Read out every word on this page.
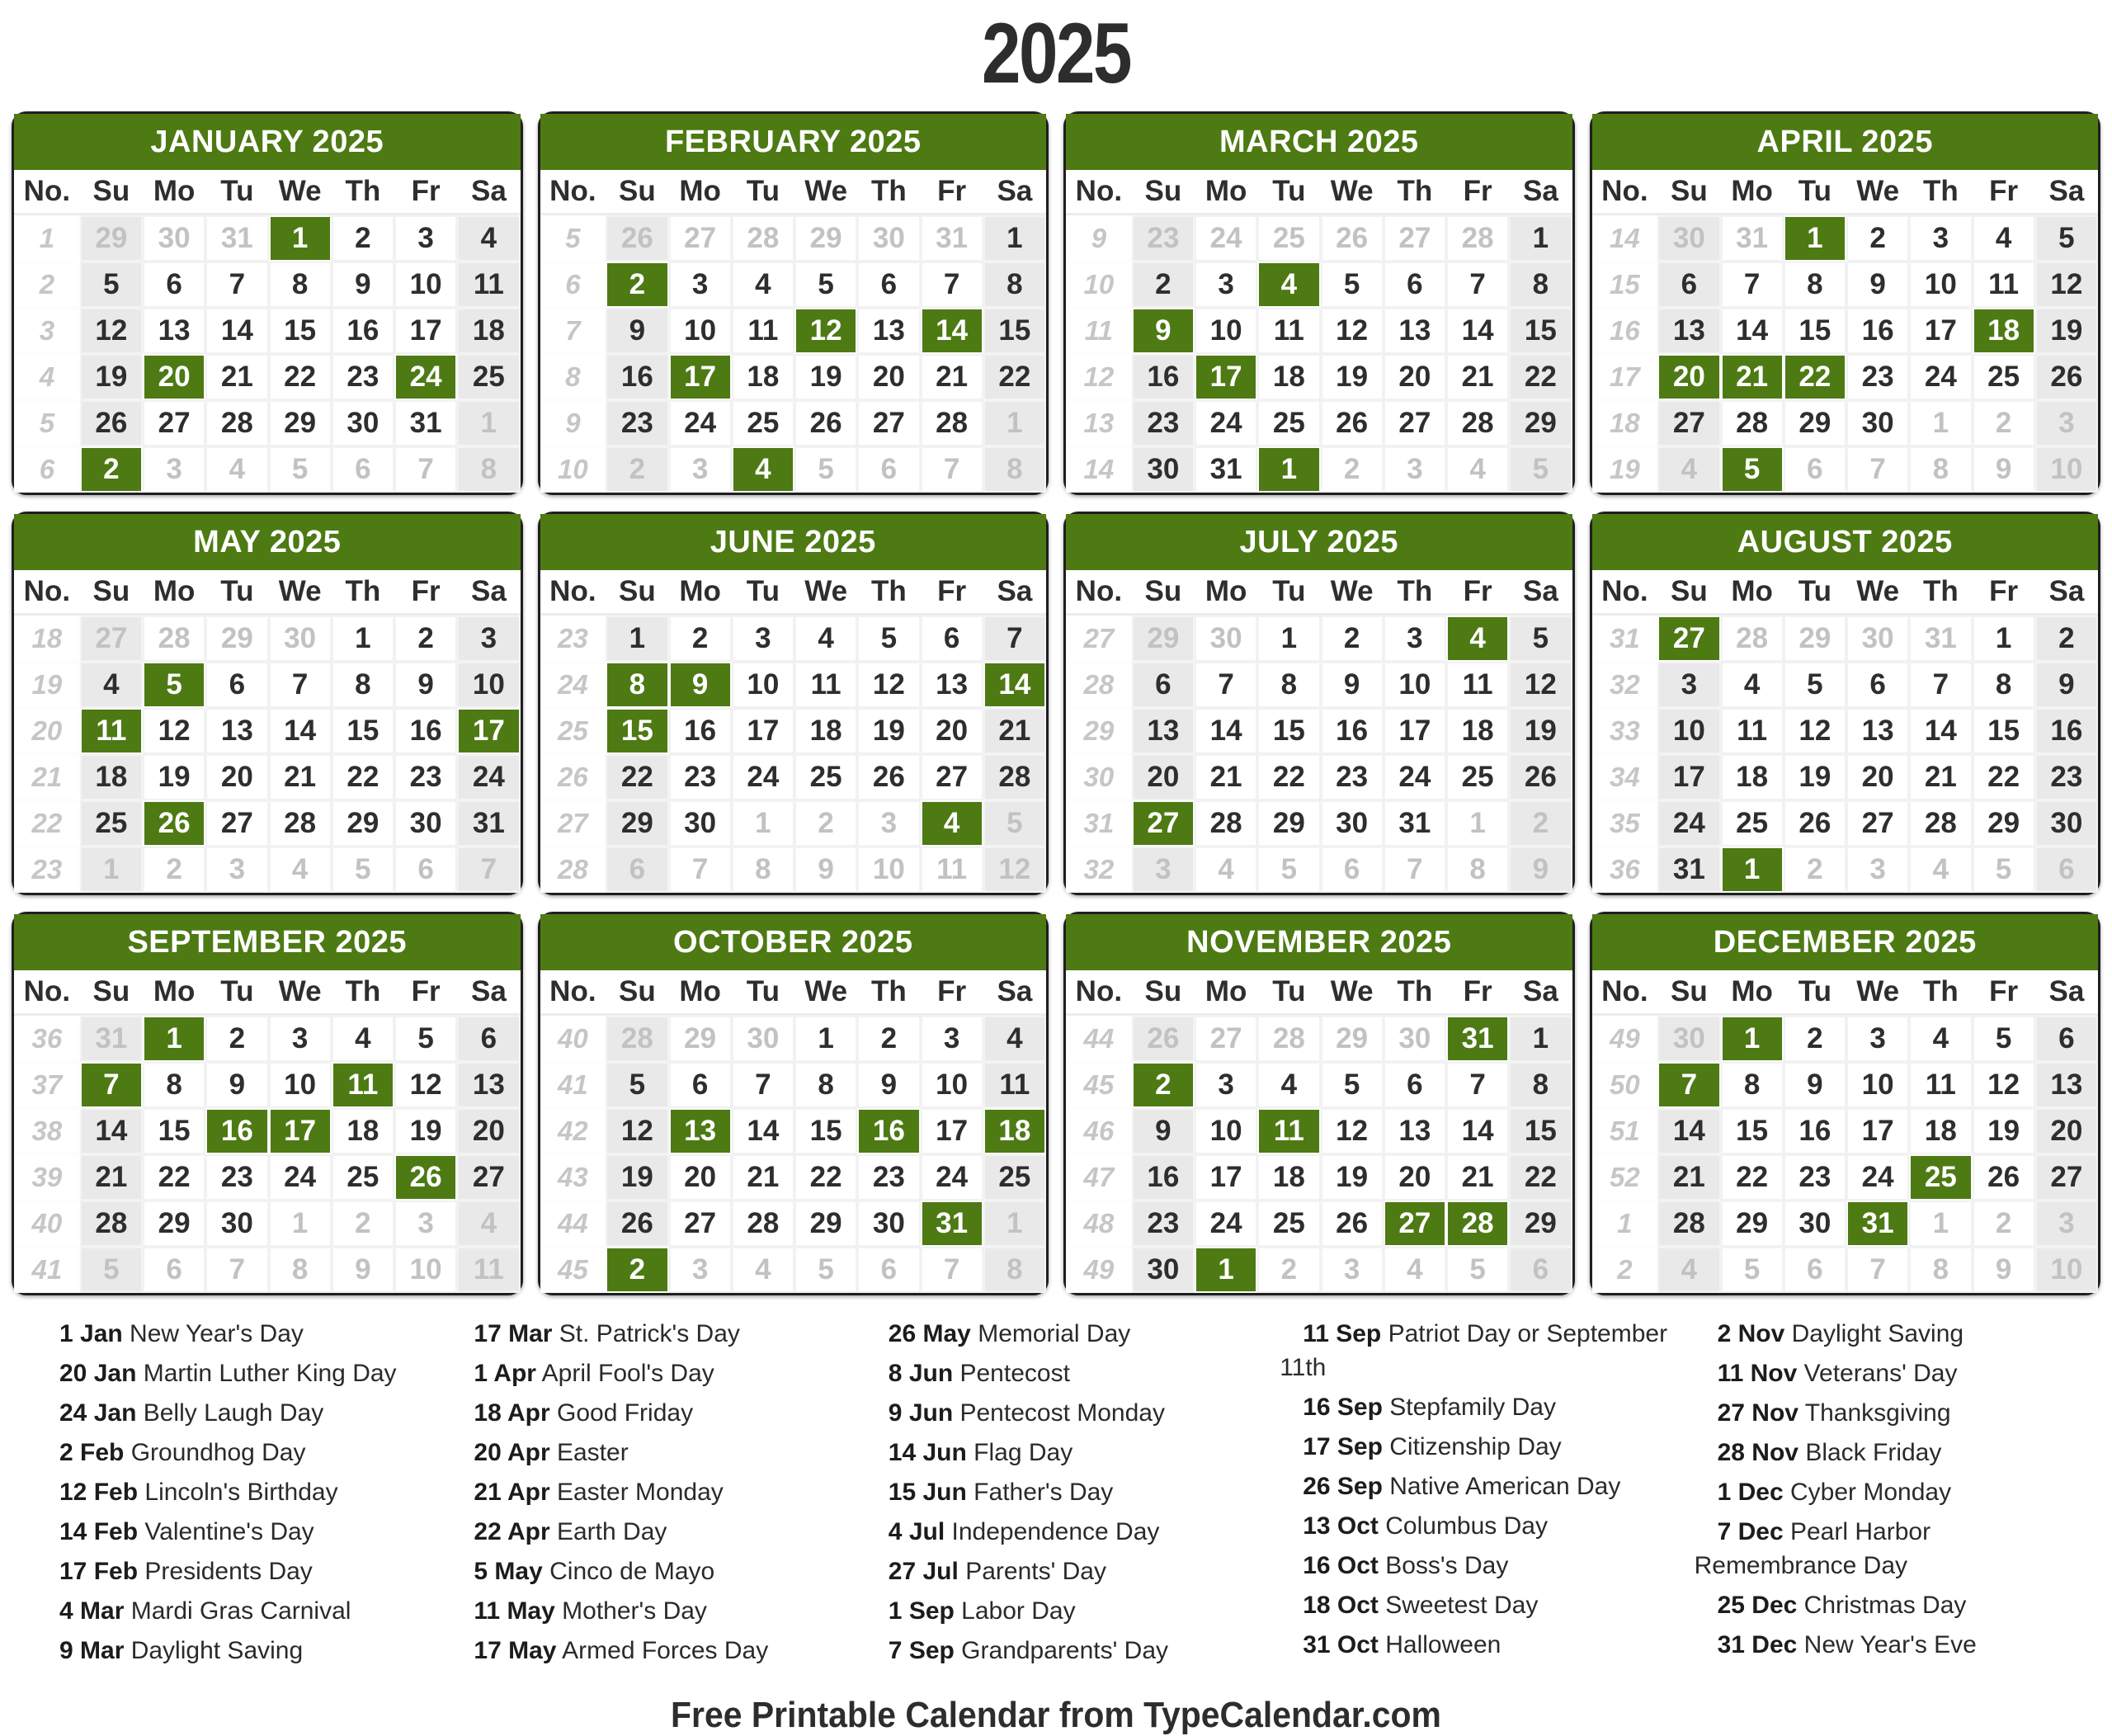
2025
JANUARY 2025
No.	Su	Mo	Tu	We	Th	Fr	Sa
1	29	30	31	1	2	3	4
2	5	6	7	8	9	10	11
3	12	13	14	15	16	17	18
4	19	20	21	22	23	24	25
5	26	27	28	29	30	31	1
6	2	3	4	5	6	7	8
FEBRUARY 2025
No.	Su	Mo	Tu	We	Th	Fr	Sa
5	26	27	28	29	30	31	1
6	2	3	4	5	6	7	8
7	9	10	11	12	13	14	15
8	16	17	18	19	20	21	22
9	23	24	25	26	27	28	1
10	2	3	4	5	6	7	8
MARCH 2025
No.	Su	Mo	Tu	We	Th	Fr	Sa
9	23	24	25	26	27	28	1
10	2	3	4	5	6	7	8
11	9	10	11	12	13	14	15
12	16	17	18	19	20	21	22
13	23	24	25	26	27	28	29
14	30	31	1	2	3	4	5
APRIL 2025
No.	Su	Mo	Tu	We	Th	Fr	Sa
14	30	31	1	2	3	4	5
15	6	7	8	9	10	11	12
16	13	14	15	16	17	18	19
17	20	21	22	23	24	25	26
18	27	28	29	30	1	2	3
19	4	5	6	7	8	9	10
MAY 2025
No.	Su	Mo	Tu	We	Th	Fr	Sa
18	27	28	29	30	1	2	3
19	4	5	6	7	8	9	10
20	11	12	13	14	15	16	17
21	18	19	20	21	22	23	24
22	25	26	27	28	29	30	31
23	1	2	3	4	5	6	7
JUNE 2025
No.	Su	Mo	Tu	We	Th	Fr	Sa
23	1	2	3	4	5	6	7
24	8	9	10	11	12	13	14
25	15	16	17	18	19	20	21
26	22	23	24	25	26	27	28
27	29	30	1	2	3	4	5
28	6	7	8	9	10	11	12
JULY 2025
No.	Su	Mo	Tu	We	Th	Fr	Sa
27	29	30	1	2	3	4	5
28	6	7	8	9	10	11	12
29	13	14	15	16	17	18	19
30	20	21	22	23	24	25	26
31	27	28	29	30	31	1	2
32	3	4	5	6	7	8	9
AUGUST 2025
No.	Su	Mo	Tu	We	Th	Fr	Sa
31	27	28	29	30	31	1	2
32	3	4	5	6	7	8	9
33	10	11	12	13	14	15	16
34	17	18	19	20	21	22	23
35	24	25	26	27	28	29	30
36	31	1	2	3	4	5	6
SEPTEMBER 2025
No.	Su	Mo	Tu	We	Th	Fr	Sa
36	31	1	2	3	4	5	6
37	7	8	9	10	11	12	13
38	14	15	16	17	18	19	20
39	21	22	23	24	25	26	27
40	28	29	30	1	2	3	4
41	5	6	7	8	9	10	11
OCTOBER 2025
No.	Su	Mo	Tu	We	Th	Fr	Sa
40	28	29	30	1	2	3	4
41	5	6	7	8	9	10	11
42	12	13	14	15	16	17	18
43	19	20	21	22	23	24	25
44	26	27	28	29	30	31	1
45	2	3	4	5	6	7	8
NOVEMBER 2025
No.	Su	Mo	Tu	We	Th	Fr	Sa
44	26	27	28	29	30	31	1
45	2	3	4	5	6	7	8
46	9	10	11	12	13	14	15
47	16	17	18	19	20	21	22
48	23	24	25	26	27	28	29
49	30	1	2	3	4	5	6
DECEMBER 2025
No.	Su	Mo	Tu	We	Th	Fr	Sa
49	30	1	2	3	4	5	6
50	7	8	9	10	11	12	13
51	14	15	16	17	18	19	20
52	21	22	23	24	25	26	27
1	28	29	30	31	1	2	3
2	4	5	6	7	8	9	10
1 Jan New Year's Day
20 Jan Martin Luther King Day
24 Jan Belly Laugh Day
2 Feb Groundhog Day
12 Feb Lincoln's Birthday
14 Feb Valentine's Day
17 Feb Presidents Day
4 Mar Mardi Gras Carnival
9 Mar Daylight Saving
17 Mar St. Patrick's Day
1 Apr April Fool's Day
18 Apr Good Friday
20 Apr Easter
21 Apr Easter Monday
22 Apr Earth Day
5 May Cinco de Mayo
11 May Mother's Day
17 May Armed Forces Day
26 May Memorial Day
8 Jun Pentecost
9 Jun Pentecost Monday
14 Jun Flag Day
15 Jun Father's Day
4 Jul Independence Day
27 Jul Parents' Day
1 Sep Labor Day
7 Sep Grandparents' Day
11 Sep Patriot Day or September 11th
16 Sep Stepfamily Day
17 Sep Citizenship Day
26 Sep Native American Day
13 Oct Columbus Day
16 Oct Boss's Day
18 Oct Sweetest Day
31 Oct Halloween
2 Nov Daylight Saving
11 Nov Veterans' Day
27 Nov Thanksgiving
28 Nov Black Friday
1 Dec Cyber Monday
7 Dec Pearl Harbor Remembrance Day
25 Dec Christmas Day
31 Dec New Year's Eve
Free Printable Calendar from TypeCalendar.com
